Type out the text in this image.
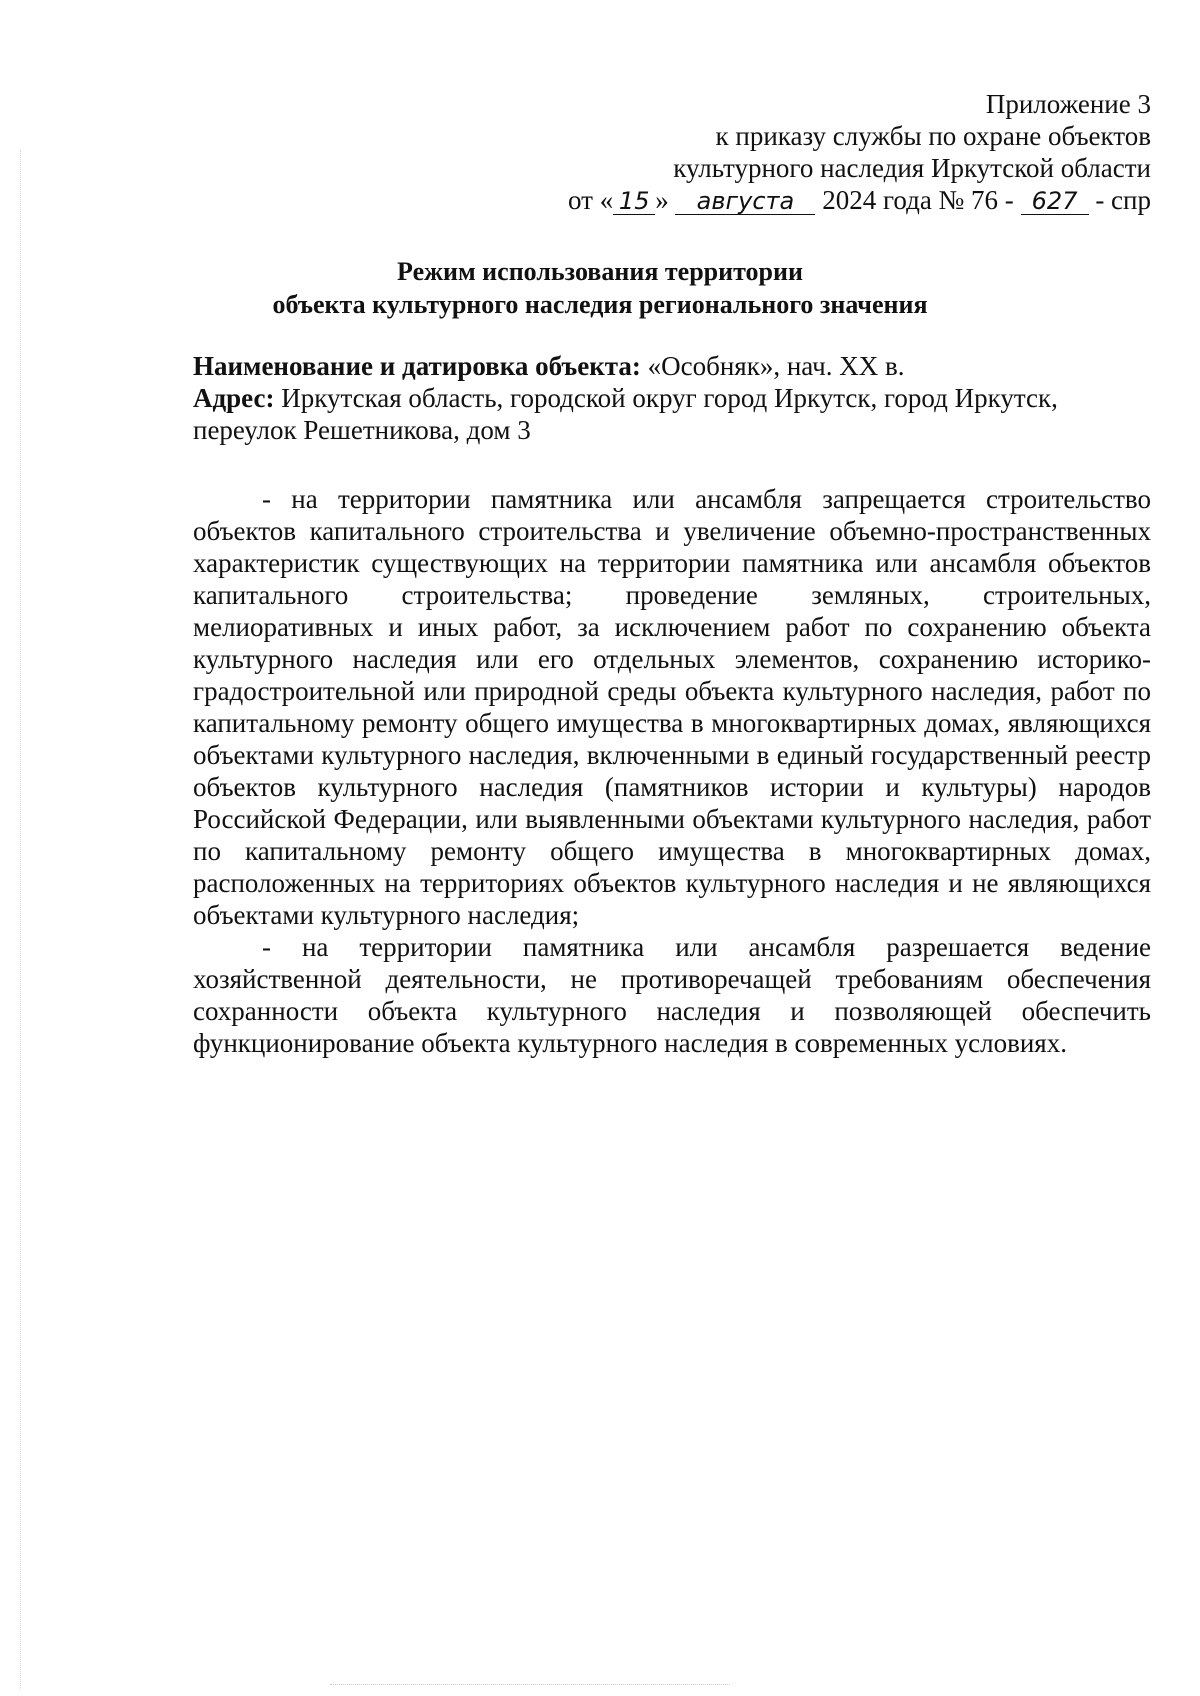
Приложение 3
к приказу службы по охране объектов
культурного наследия Иркутской области
от « 15 » августа 2024 года № 76 - 627 - спр
Режим использования территории
объекта культурного наследия регионального значения
Наименование и датировка объекта: «Особняк», нач. XX в.
Адрес: Иркутская область, городской округ город Иркутск, город Иркутск, переулок Решетникова, дом 3

- на территории памятника или ансамбля запрещается строительство объектов капитального строительства и увеличение объемно-пространственных характеристик существующих на территории памятника или ансамбля объектов капитального строительства; проведение земляных, строительных, мелиоративных и иных работ, за исключением работ по сохранению объекта культурного наследия или его отдельных элементов, сохранению историко-градостроительной или природной среды объекта культурного наследия, работ по капитальному ремонту общего имущества в многоквартирных домах, являющихся объектами культурного наследия, включенными в единый государственный реестр объектов культурного наследия (памятников истории и культуры) народов Российской Федерации, или выявленными объектами культурного наследия, работ по капитальному ремонту общего имущества в многоквартирных домах, расположенных на территориях объектов культурного наследия и не являющихся объектами культурного наследия;

- на территории памятника или ансамбля разрешается ведение хозяйственной деятельности, не противоречащей требованиям обеспечения сохранности объекта культурного наследия и позволяющей обеспечить функционирование объекта культурного наследия в современных условиях.
